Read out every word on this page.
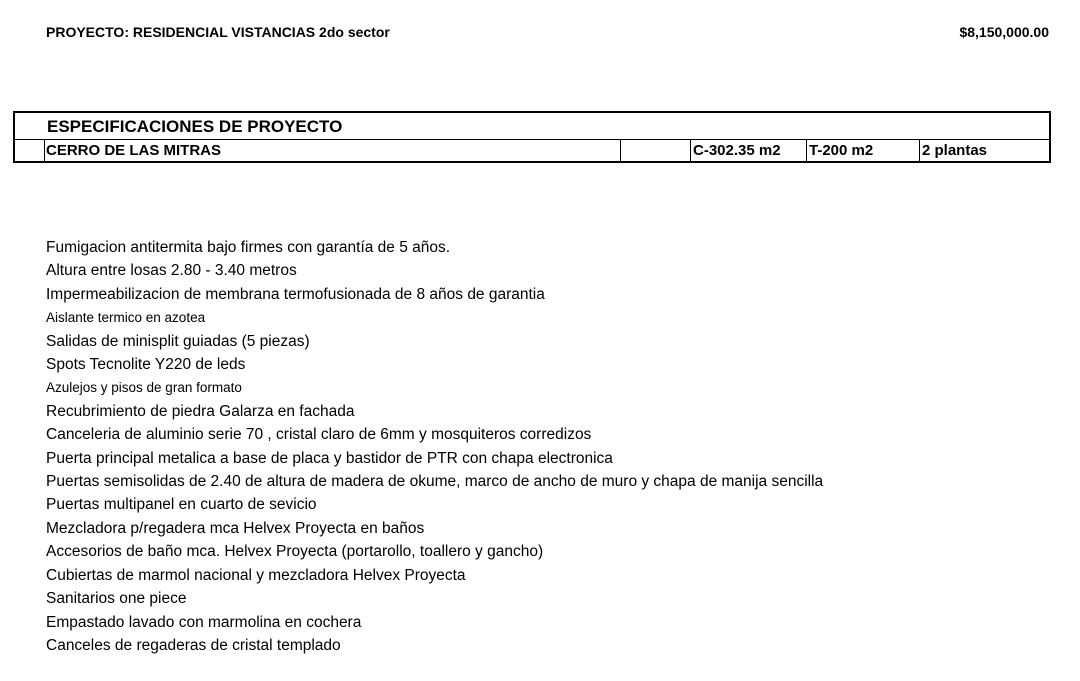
PROYECTO: RESIDENCIAL VISTANCIAS 2do sector	$8,150,000.00
ESPECIFICACIONES DE PROYECTO
CERRO DE LAS MITRAS	C-302.35 m2	T-200 m2	2 plantas
Fumigacion antitermita bajo firmes con garantía de 5 años.
Altura entre losas 2.80 - 3.40 metros
Impermeabilizacion de membrana termofusionada de 8 años de garantia
Aislante termico en azotea
Salidas de minisplit guiadas (5 piezas)
Spots Tecnolite Y220 de leds
Azulejos y pisos de gran formato
Recubrimiento de piedra Galarza en fachada
Canceleria de aluminio serie 70 , cristal claro de 6mm y mosquiteros corredizos
Puerta principal metalica a base de placa y bastidor de PTR con chapa electronica
Puertas semisolidas de 2.40 de altura de madera de okume, marco de ancho de muro y chapa de manija sencilla
Puertas multipanel en cuarto de sevicio
Mezcladora p/regadera mca Helvex Proyecta en baños
Accesorios de baño mca. Helvex Proyecta (portarollo, toallero y gancho)
Cubiertas de marmol nacional y mezcladora Helvex Proyecta
Sanitarios one piece
Empastado lavado con marmolina en cochera
Canceles de regaderas de cristal templado
